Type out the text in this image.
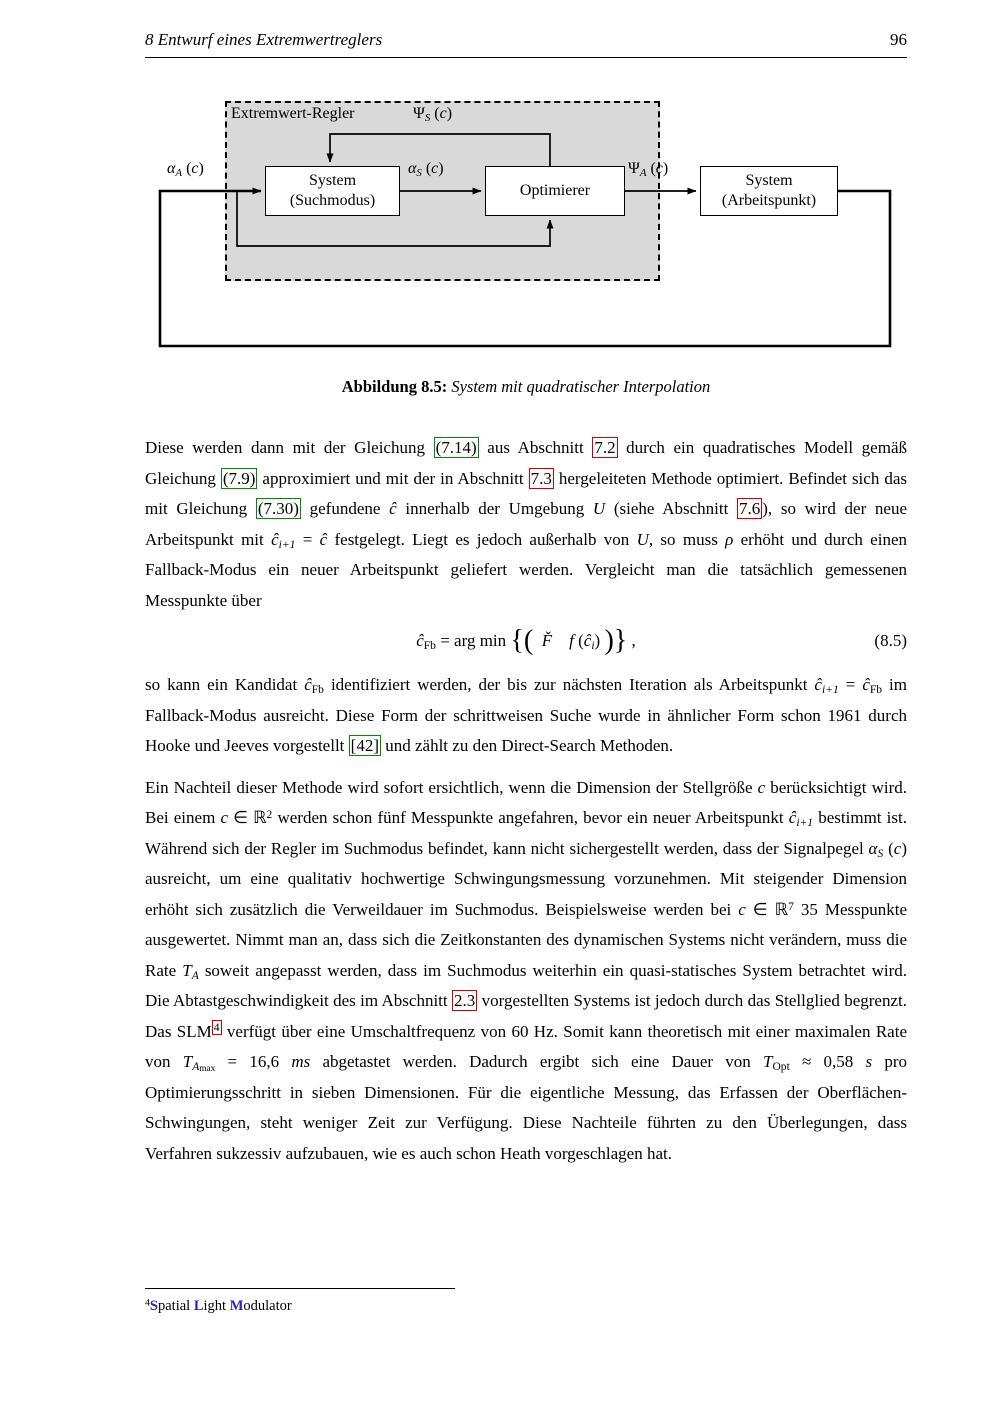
8 Entwurf eines Extremwertreglers	96
System
(Suchmodus)
Optimierer
System
(Arbeitspunkt)
Extremwert-Regler	$\Psi_S$ (c)
$\alpha_A$ (c)	$\alpha_S$ (c)	$\Psi_A$ (c)
Abbildung 8.5: System mit quadratischer Interpolation

Diese werden dann mit der Gleichung (7.14) aus Abschnitt 7.2 durch ein quadratisches Modell gemäß Gleichung (7.9) approximiert und mit der in Abschnitt 7.3 hergeleiteten Methode optimiert. Befindet sich das mit Gleichung (7.30) gefundene ĉ innerhalb der Umgebung U (siehe Abschnitt 7.6 ), so wird der neue Arbeitspunkt mit $ĉ_{i+1}$ = ĉ festgelegt. Liegt es jedoch außerhalb von U, so muss ρ erhöht und durch einen Fallback-Modus ein neuer Arbeitspunkt geliefert werden. Vergleicht man die tatsächlich gemessenen Messpunkte über

$ĉ_{Fb}$ = arg min {( F̌ f $(ĉ_i)$ )} ,	(8.5)

so kann ein Kandidat $ĉ_{Fb}$ identifiziert werden, der bis zur nächsten Iteration als Arbeitspunkt $ĉ_{i+1}$ = $ĉ_{Fb}$ im Fallback-Modus ausreicht. Diese Form der schrittweisen Suche wurde in ähnlicher Form schon 1961 durch Hooke und Jeeves vorgestellt [42] und zählt zu den Direct-Search Methoden.

Ein Nachteil dieser Methode wird sofort ersichtlich, wenn die Dimension der Stellgröße c berücksichtigt wird. Bei einem c ∈ ℝ$^2$ werden schon fünf Messpunkte angefahren, bevor ein neuer Arbeitspunkt $ĉ_{i+1}$ bestimmt ist. Während sich der Regler im Suchmodus befindet, kann nicht sichergestellt werden, dass der Signalpegel $\alpha_S$ (c) ausreicht, um eine qualitativ hochwertige Schwingungsmessung vorzunehmen. Mit steigender Dimension erhöht sich zusätzlich die Verweildauer im Suchmodus. Beispielsweise werden bei c ∈ ℝ$^7$ 35 Messpunkte ausgewertet. Nimmt man an, dass sich die Zeitkonstanten des dynamischen Systems nicht verändern, muss die Rate $T_A$ soweit angepasst werden, dass im Suchmodus weiterhin ein quasi-statisches System betrachtet wird. Die Abtastgeschwindigkeit des im Abschnitt 2.3 vorgestellten Systems ist jedoch durch das Stellglied begrenzt. Das SLM $^4$ verfügt über eine Umschaltfrequenz von 60 Hz. Somit kann theoretisch mit einer maximalen Rate von $T_{Amax} = 16,6$ ms abgetastet werden. Dadurch ergibt sich eine Dauer von $T_{Opt} \approx 0,58$ s pro Optimierungsschritt in sieben Dimensionen. Für die eigentliche Messung, das Erfassen der Oberflächen-Schwingungen, steht weniger Zeit zur Verfügung. Diese Nachteile führten zu den Überlegungen, dass Verfahren sukzessiv aufzubauen, wie es auch schon Heath vorgeschlagen hat.

$^4$Spatial Light Modulator
